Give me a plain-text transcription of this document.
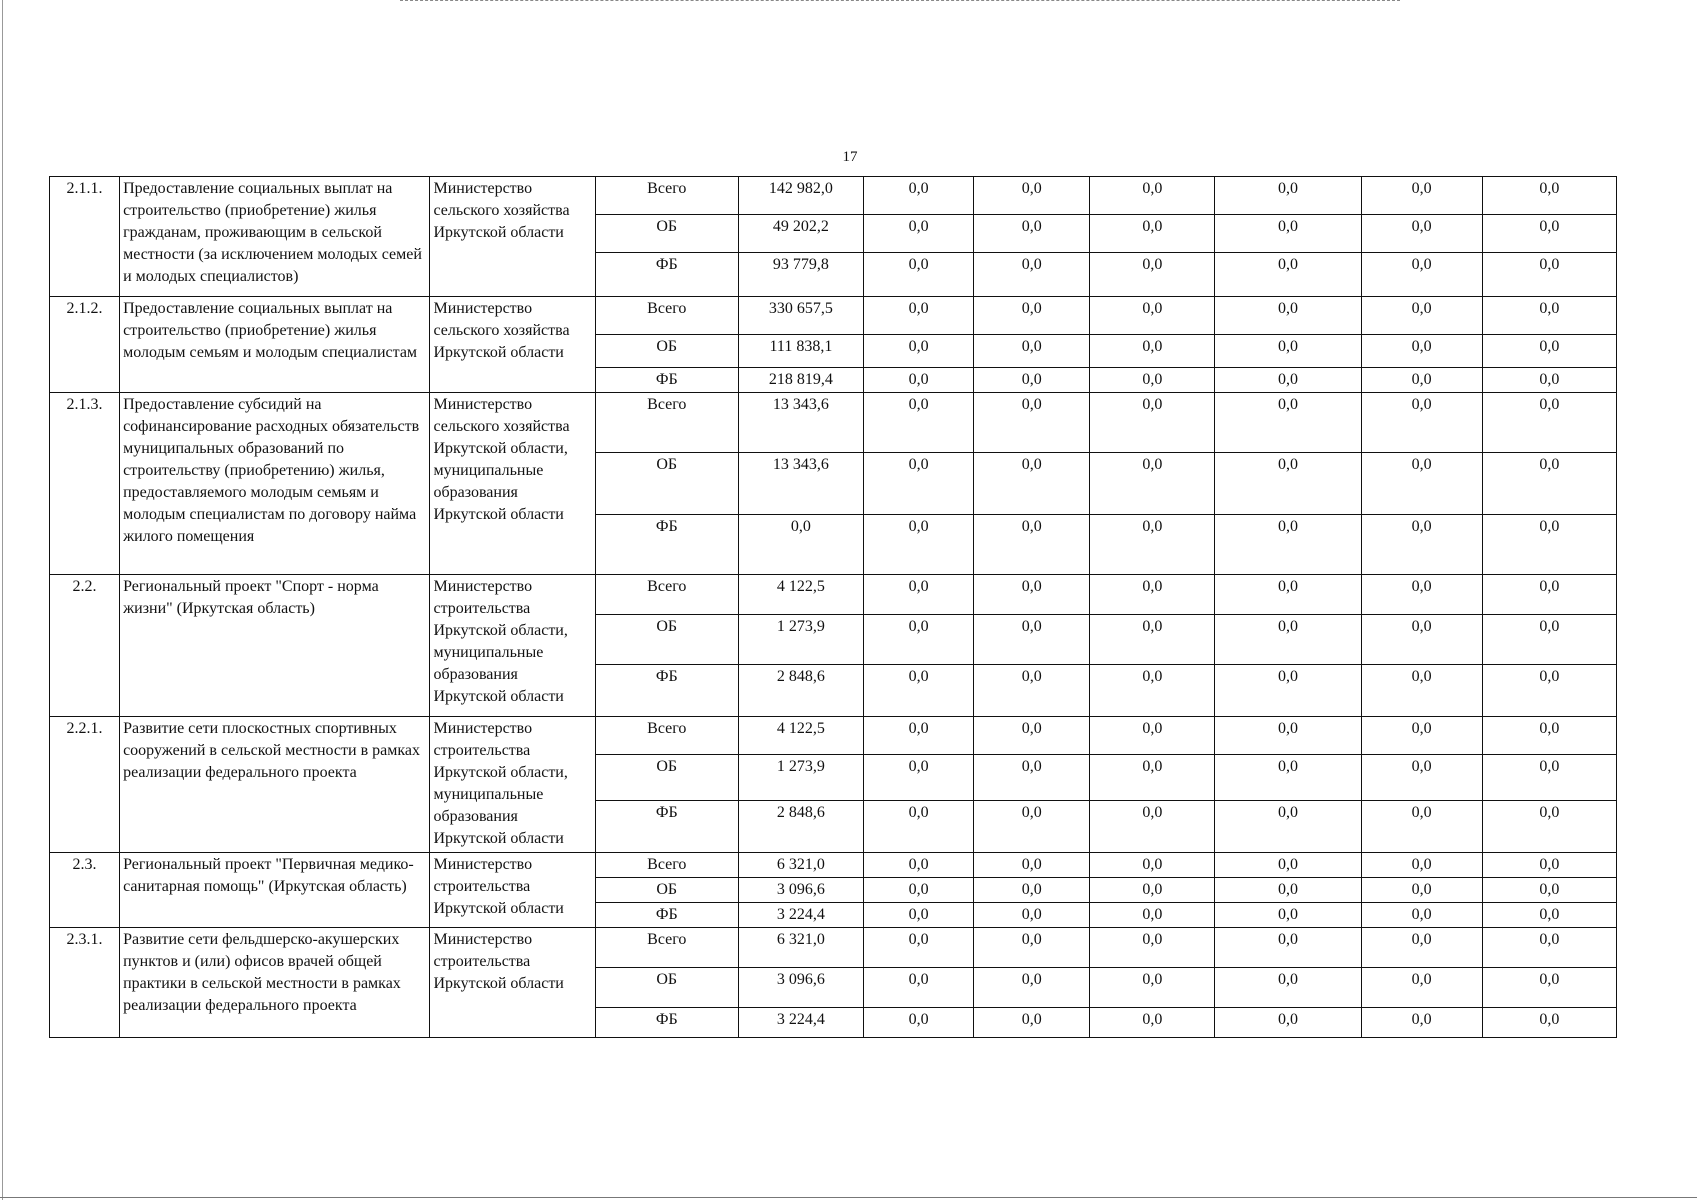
17
2.1.1.	Предоставление социальных выплат на строительство (приобретение) жилья гражданам, проживающим в сельской местности (за исключением молодых семей и молодых специалистов)	Министерство сельского хозяйства Иркутской области	Всего	142 982,0	0,0	0,0	0,0	0,0	0,0	0,0
			ОБ	49 202,2	0,0	0,0	0,0	0,0	0,0	0,0
			ФБ	93 779,8	0,0	0,0	0,0	0,0	0,0	0,0
2.1.2.	Предоставление социальных выплат на строительство (приобретение) жилья молодым семьям и молодым специалистам	Министерство сельского хозяйства Иркутской области	Всего	330 657,5	0,0	0,0	0,0	0,0	0,0	0,0
			ОБ	111 838,1	0,0	0,0	0,0	0,0	0,0	0,0
			ФБ	218 819,4	0,0	0,0	0,0	0,0	0,0	0,0
2.1.3.	Предоставление субсидий на софинансирование расходных обязательств муниципальных образований по строительству (приобретению) жилья, предоставляемого молодым семьям и молодым специалистам по договору найма жилого помещения	Министерство сельского хозяйства Иркутской области, муниципальные образования Иркутской области	Всего	13 343,6	0,0	0,0	0,0	0,0	0,0	0,0
			ОБ	13 343,6	0,0	0,0	0,0	0,0	0,0	0,0
			ФБ	0,0	0,0	0,0	0,0	0,0	0,0	0,0
2.2.	Региональный проект "Спорт - норма жизни" (Иркутская область)	Министерство строительства Иркутской области, муниципальные образования Иркутской области	Всего	4 122,5	0,0	0,0	0,0	0,0	0,0	0,0
			ОБ	1 273,9	0,0	0,0	0,0	0,0	0,0	0,0
			ФБ	2 848,6	0,0	0,0	0,0	0,0	0,0	0,0
2.2.1.	Развитие сети плоскостных спортивных сооружений в сельской местности в рамках реализации федерального проекта	Министерство строительства Иркутской области, муниципальные образования Иркутской области	Всего	4 122,5	0,0	0,0	0,0	0,0	0,0	0,0
			ОБ	1 273,9	0,0	0,0	0,0	0,0	0,0	0,0
			ФБ	2 848,6	0,0	0,0	0,0	0,0	0,0	0,0
2.3.	Региональный проект "Первичная медико-санитарная помощь" (Иркутская область)	Министерство строительства Иркутской области	Всего	6 321,0	0,0	0,0	0,0	0,0	0,0	0,0
			ОБ	3 096,6	0,0	0,0	0,0	0,0	0,0	0,0
			ФБ	3 224,4	0,0	0,0	0,0	0,0	0,0	0,0
2.3.1.	Развитие сети фельдшерско-акушерских пунктов и (или) офисов врачей общей практики в сельской местности в рамках реализации федерального проекта	Министерство строительства Иркутской области	Всего	6 321,0	0,0	0,0	0,0	0,0	0,0	0,0
			ОБ	3 096,6	0,0	0,0	0,0	0,0	0,0	0,0
			ФБ	3 224,4	0,0	0,0	0,0	0,0	0,0	0,0
